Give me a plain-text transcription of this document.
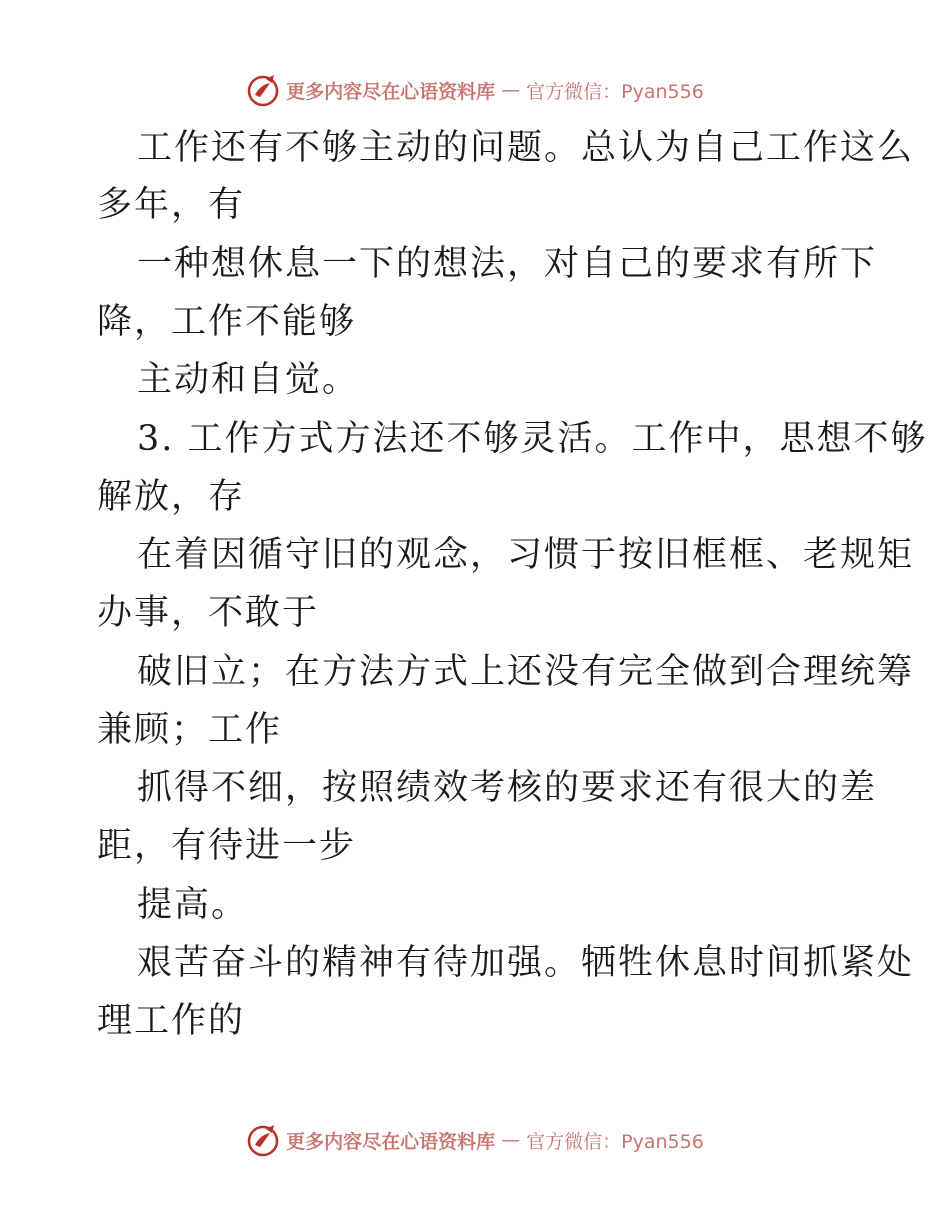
更多内容尽在心语资料库 — 官方微信：Pyan556
工作还有不够主动的问题。总认为自己工作这么
多年，有
一种想休息一下的想法，对自己的要求有所下
降，工作不能够
主动和自觉。
3. 工作方式方法还不够灵活。工作中，思想不够
解放，存
在着因循守旧的观念，习惯于按旧框框、老规矩
办事，不敢于
破旧立；在方法方式上还没有完全做到合理统筹
兼顾；工作
抓得不细，按照绩效考核的要求还有很大的差
距，有待进一步
提高。
艰苦奋斗的精神有待加强。牺牲休息时间抓紧处
理工作的
更多内容尽在心语资料库 — 官方微信：Pyan556
